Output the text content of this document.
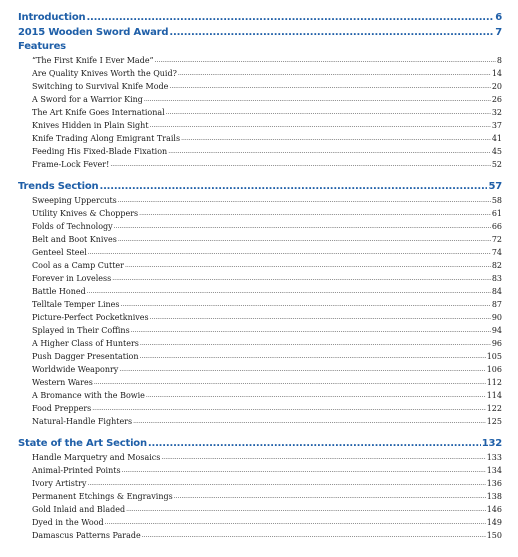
Introduction .....	6
2015 Wooden Sword Award .....	7
Features
“The First Knife I Ever Made” .....	8
Are Quality Knives Worth the Quid? .....	14
Switching to Survival Knife Mode .....	20
A Sword for a Warrior King .....	26
The Art Knife Goes International .....	32
Knives Hidden in Plain Sight .....	37
Knife Trading Along Emigrant Trails .....	41
Feeding His Fixed-Blade Fixation .....	45
Frame-Lock Fever! .....	52
Trends Section .....	57
Sweeping Uppercuts .....	58
Utility Knives & Choppers .....	61
Folds of Technology .....	66
Belt and Boot Knives .....	72
Genteel Steel .....	74
Cool as a Camp Cutter .....	82
Forever in Loveless .....	83
Battle Honed .....	84
Telltale Temper Lines .....	87
Picture-Perfect Pocketknives .....	90
Splayed in Their Coffins .....	94
A Higher Class of Hunters .....	96
Push Dagger Presentation .....	105
Worldwide Weaponry .....	106
Western Wares .....	112
A Bromance with the Bowie .....	114
Food Preppers .....	122
Natural-Handle Fighters .....	125
State of the Art Section .....	132
Handle Marquetry and Mosaics .....	133
Animal-Printed Points .....	134
Ivory Artistry .....	136
Permanent Etchings & Engravings .....	138
Gold Inlaid and Bladed .....	146
Dyed in the Wood .....	149
Damascus Patterns Parade .....	150
